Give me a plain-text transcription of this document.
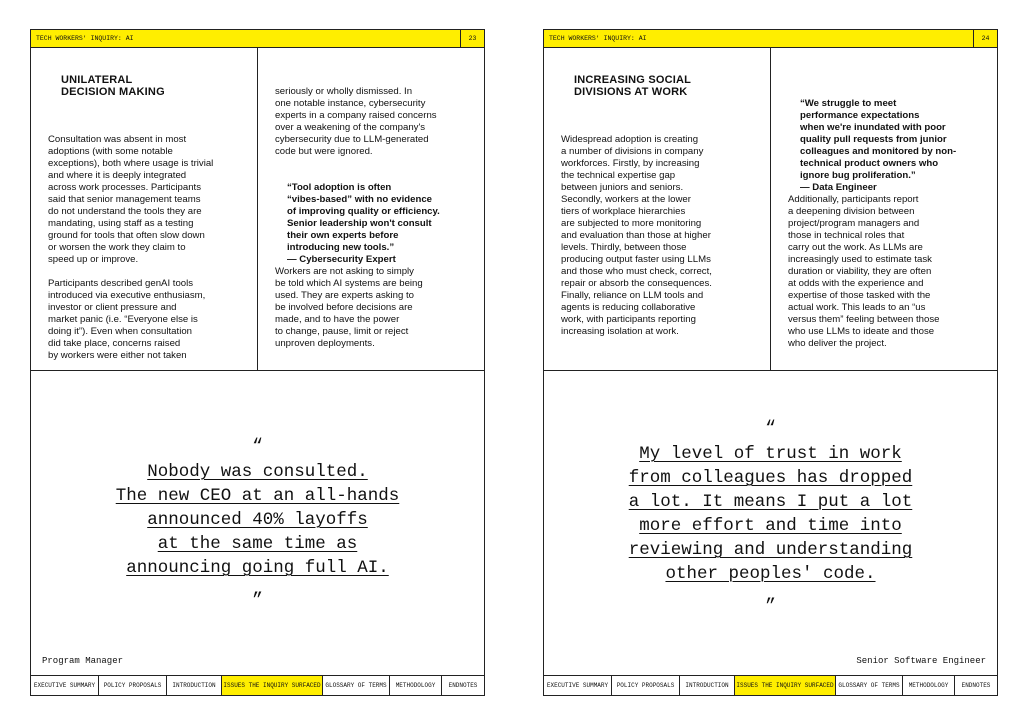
TECH WORKERS' INQUIRY: AI	23
UNILATERAL
DECISION MAKING
Consultation was absent in most
adoptions (with some notable
exceptions), both where usage is trivial
and where it is deeply integrated
across work processes. Participants
said that senior management teams
do not understand the tools they are
mandating, using staff as a testing
ground for tools that often slow down
or worsen the work they claim to
speed up or improve.
Participants described genAI tools
introduced via executive enthusiasm,
investor or client pressure and
market panic (i.e. “Everyone else is
doing it”). Even when consultation
did take place, concerns raised
by workers were either not taken
seriously or wholly dismissed. In
one notable instance, cybersecurity
experts in a company raised concerns
over a weakening of the company's
cybersecurity due to LLM-generated
code but were ignored.

“Tool adoption is often
“vibes-based” with no evidence
of improving quality or efficiency.
Senior leadership won't consult
their own experts before
introducing new tools.”

— Cybersecurity Expert

Workers are not asking to simply
be told which AI systems are being
used. They are experts asking to
be involved before decisions are
made, and to have the power
to change, pause, limit or reject
unproven deployments.
“
Nobody was consulted.
The new CEO at an all-hands
announced 40% layoffs
at the same time as
announcing going full AI.
”
Program Manager
EXECUTIVE SUMMARY	POLICY PROPOSALS	INTRODUCTION	ISSUES THE INQUIRY SURFACED GLOSSARY OF TERMS	METHODOLOGY	ENDNOTES
TECH WORKERS' INQUIRY: AI	24
INCREASING SOCIAL
DIVISIONS AT WORK
Widespread adoption is creating
a number of divisions in company
workforces. Firstly, by increasing
the technical expertise gap
between juniors and seniors.
Secondly, workers at the lower
tiers of workplace hierarchies
are subjected to more monitoring
and evaluation than those at higher
levels. Thirdly, between those
producing output faster using LLMs
and those who must check, correct,
repair or absorb the consequences.
Finally, reliance on LLM tools and
agents is reducing collaborative
work, with participants reporting
increasing isolation at work.

“We struggle to meet
performance expectations
when we're inundated with poor
quality pull requests from junior
colleagues and monitored by non-
technical product owners who
ignore bug proliferation.”

— Data Engineer

Additionally, participants report
a deepening division between
project/program managers and
those in technical roles that
carry out the work. As LLMs are
increasingly used to estimate task
duration or viability, they are often
at odds with the experience and
expertise of those tasked with the
actual work. This leads to an “us
versus them” feeling between those
who use LLMs to ideate and those
who deliver the project.
“
My level of trust in work
from colleagues has dropped
a lot. It means I put a lot
more effort and time into
reviewing and understanding
other peoples' code.
”
Senior Software Engineer
EXECUTIVE SUMMARY	POLICY PROPOSALS	INTRODUCTION	ISSUES THE INQUIRY SURFACED GLOSSARY OF TERMS	METHODOLOGY	ENDNOTES
